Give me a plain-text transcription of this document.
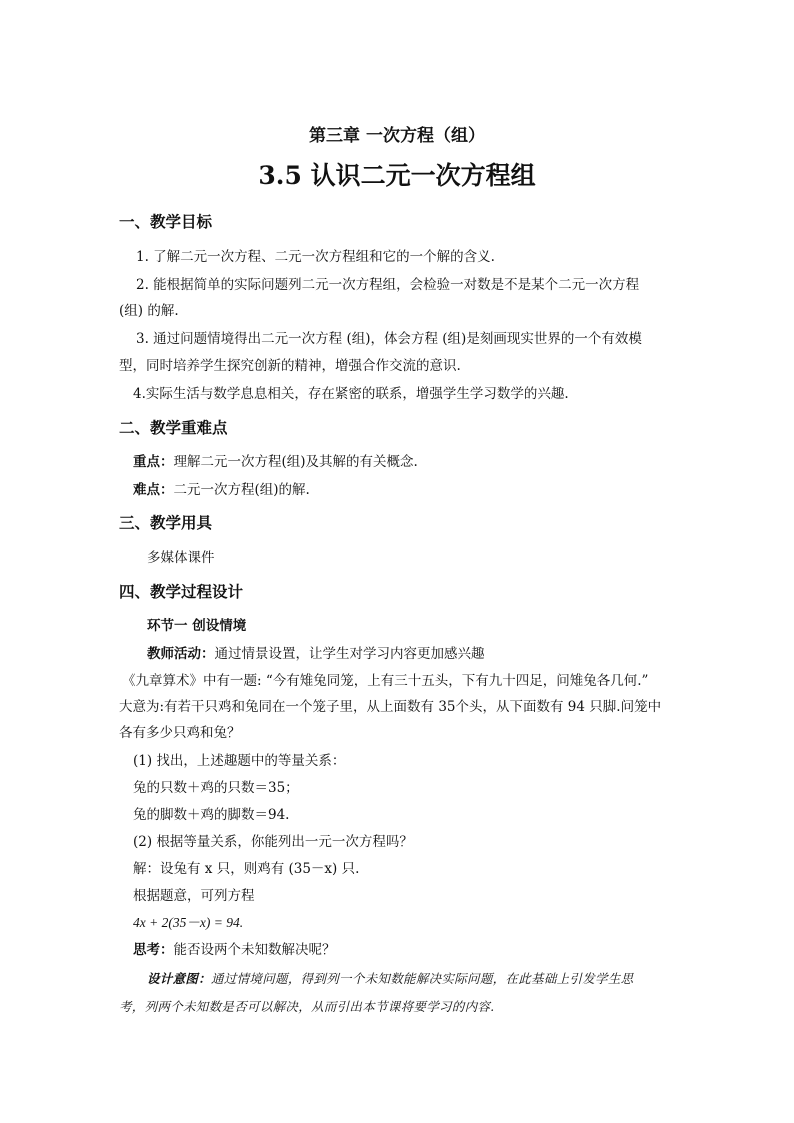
第三章 一次方程（组）
3.5 认识二元一次方程组
一、教学目标
1. 了解二元一次方程、二元一次方程组和它的一个解的含义.
2. 能根据简单的实际问题列二元一次方程组，会检验一对数是不是某个二元一次方程
(组) 的解.
3. 通过问题情境得出二元一次方程 (组)，体会方程 (组)是刻画现实世界的一个有效模
型，同时培养学生探究创新的精神，增强合作交流的意识.
4.实际生活与数学息息相关，存在紧密的联系，增强学生学习数学的兴趣.
二、教学重难点
重点：理解二元一次方程(组)及其解的有关概念.
难点：二元一次方程(组)的解.
三、教学用具
多媒体课件
四、教学过程设计
环节一 创设情境
教师活动：通过情景设置，让学生对学习内容更加感兴趣
《九章算术》中有一题: “今有雉兔同笼，上有三十五头，下有九十四足，问雉兔各几何.”
大意为:有若干只鸡和兔同在一个笼子里，从上面数有 35个头，从下面数有 94 只脚.问笼中
各有多少只鸡和兔？
(1) 找出，上述趣题中的等量关系：
兔的只数＋鸡的只数＝35；
兔的脚数＋鸡的脚数＝94.
(2) 根据等量关系，你能列出一元一次方程吗？
解：设兔有 x 只，则鸡有 (35－x) 只.
根据题意，可列方程
4x + 2(35－x) = 94.
思考：能否设两个未知数解决呢？
设计意图：通过情境问题，得到列一个未知数能解决实际问题，在此基础上引发学生思
考，列两个未知数是否可以解决，从而引出本节课将要学习的内容.
